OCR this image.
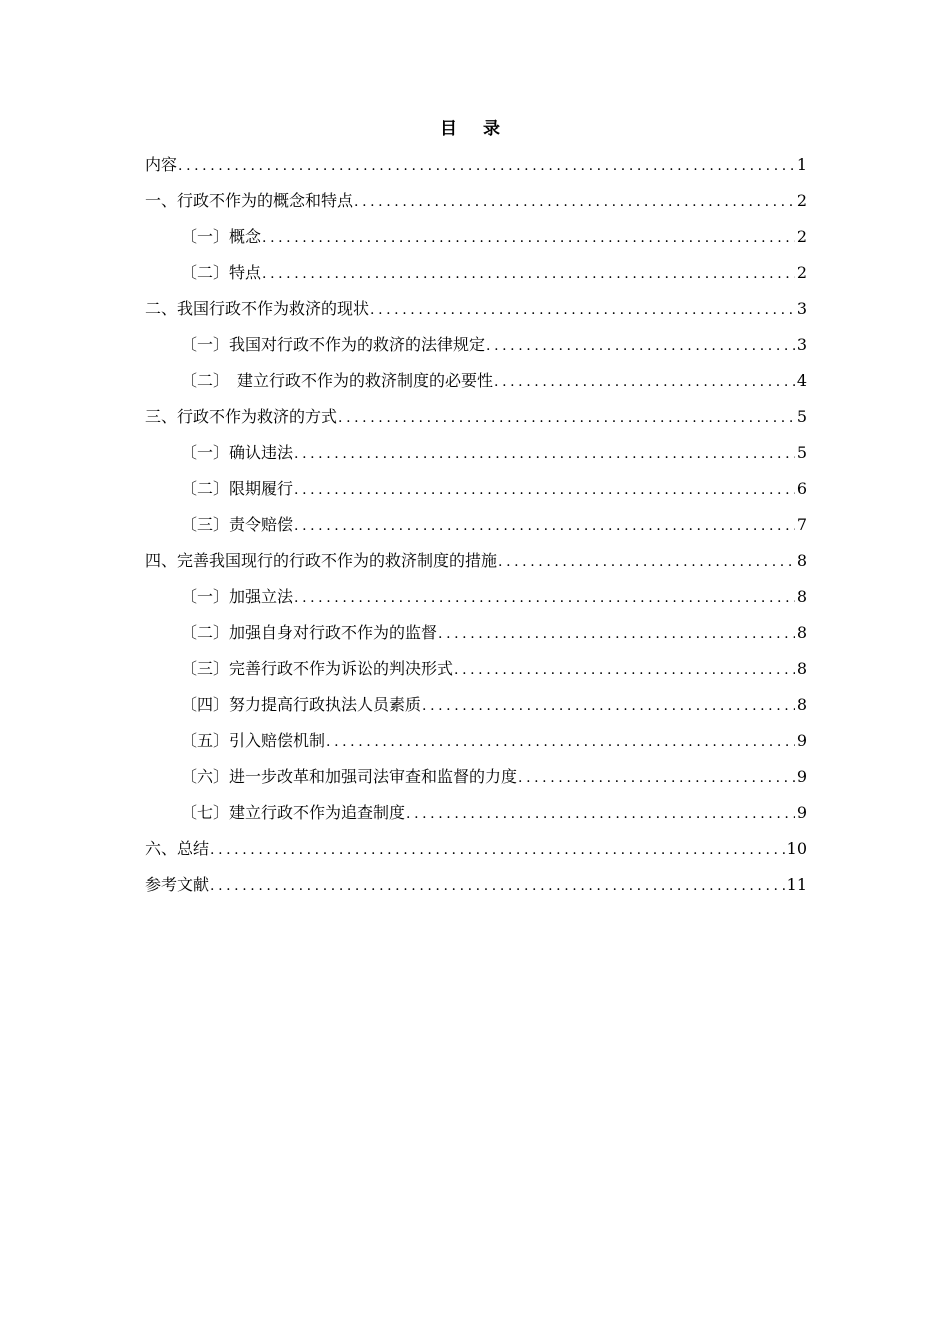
目 录
内容 .....	1
一、行政不作为的概念和特点 .....	2
〔一〕概念 .....	2
〔二〕特点 .....	2
二、我国行政不作为救济的现状 .....	3
〔一〕我国对行政不作为的救济的法律规定 .....	3
〔二〕　建立行政不作为的救济制度的必要性 .....	4
三、行政不作为救济的方式 .....	5
〔一〕确认违法 .....	5
〔二〕限期履行 .....	6
〔三〕责令赔偿 .....	7
四、完善我国现行的行政不作为的救济制度的措施 .....	8
〔一〕加强立法 .....	8
〔二〕加强自身对行政不作为的监督 .....	8
〔三〕完善行政不作为诉讼的判决形式 .....	8
〔四〕努力提高行政执法人员素质 .....	8
〔五〕引入赔偿机制 .....	9
〔六〕进一步改革和加强司法审查和监督的力度 .....	9
〔七〕建立行政不作为追查制度 .....	9
六、总结 .....	10
参考文献 .....	11
